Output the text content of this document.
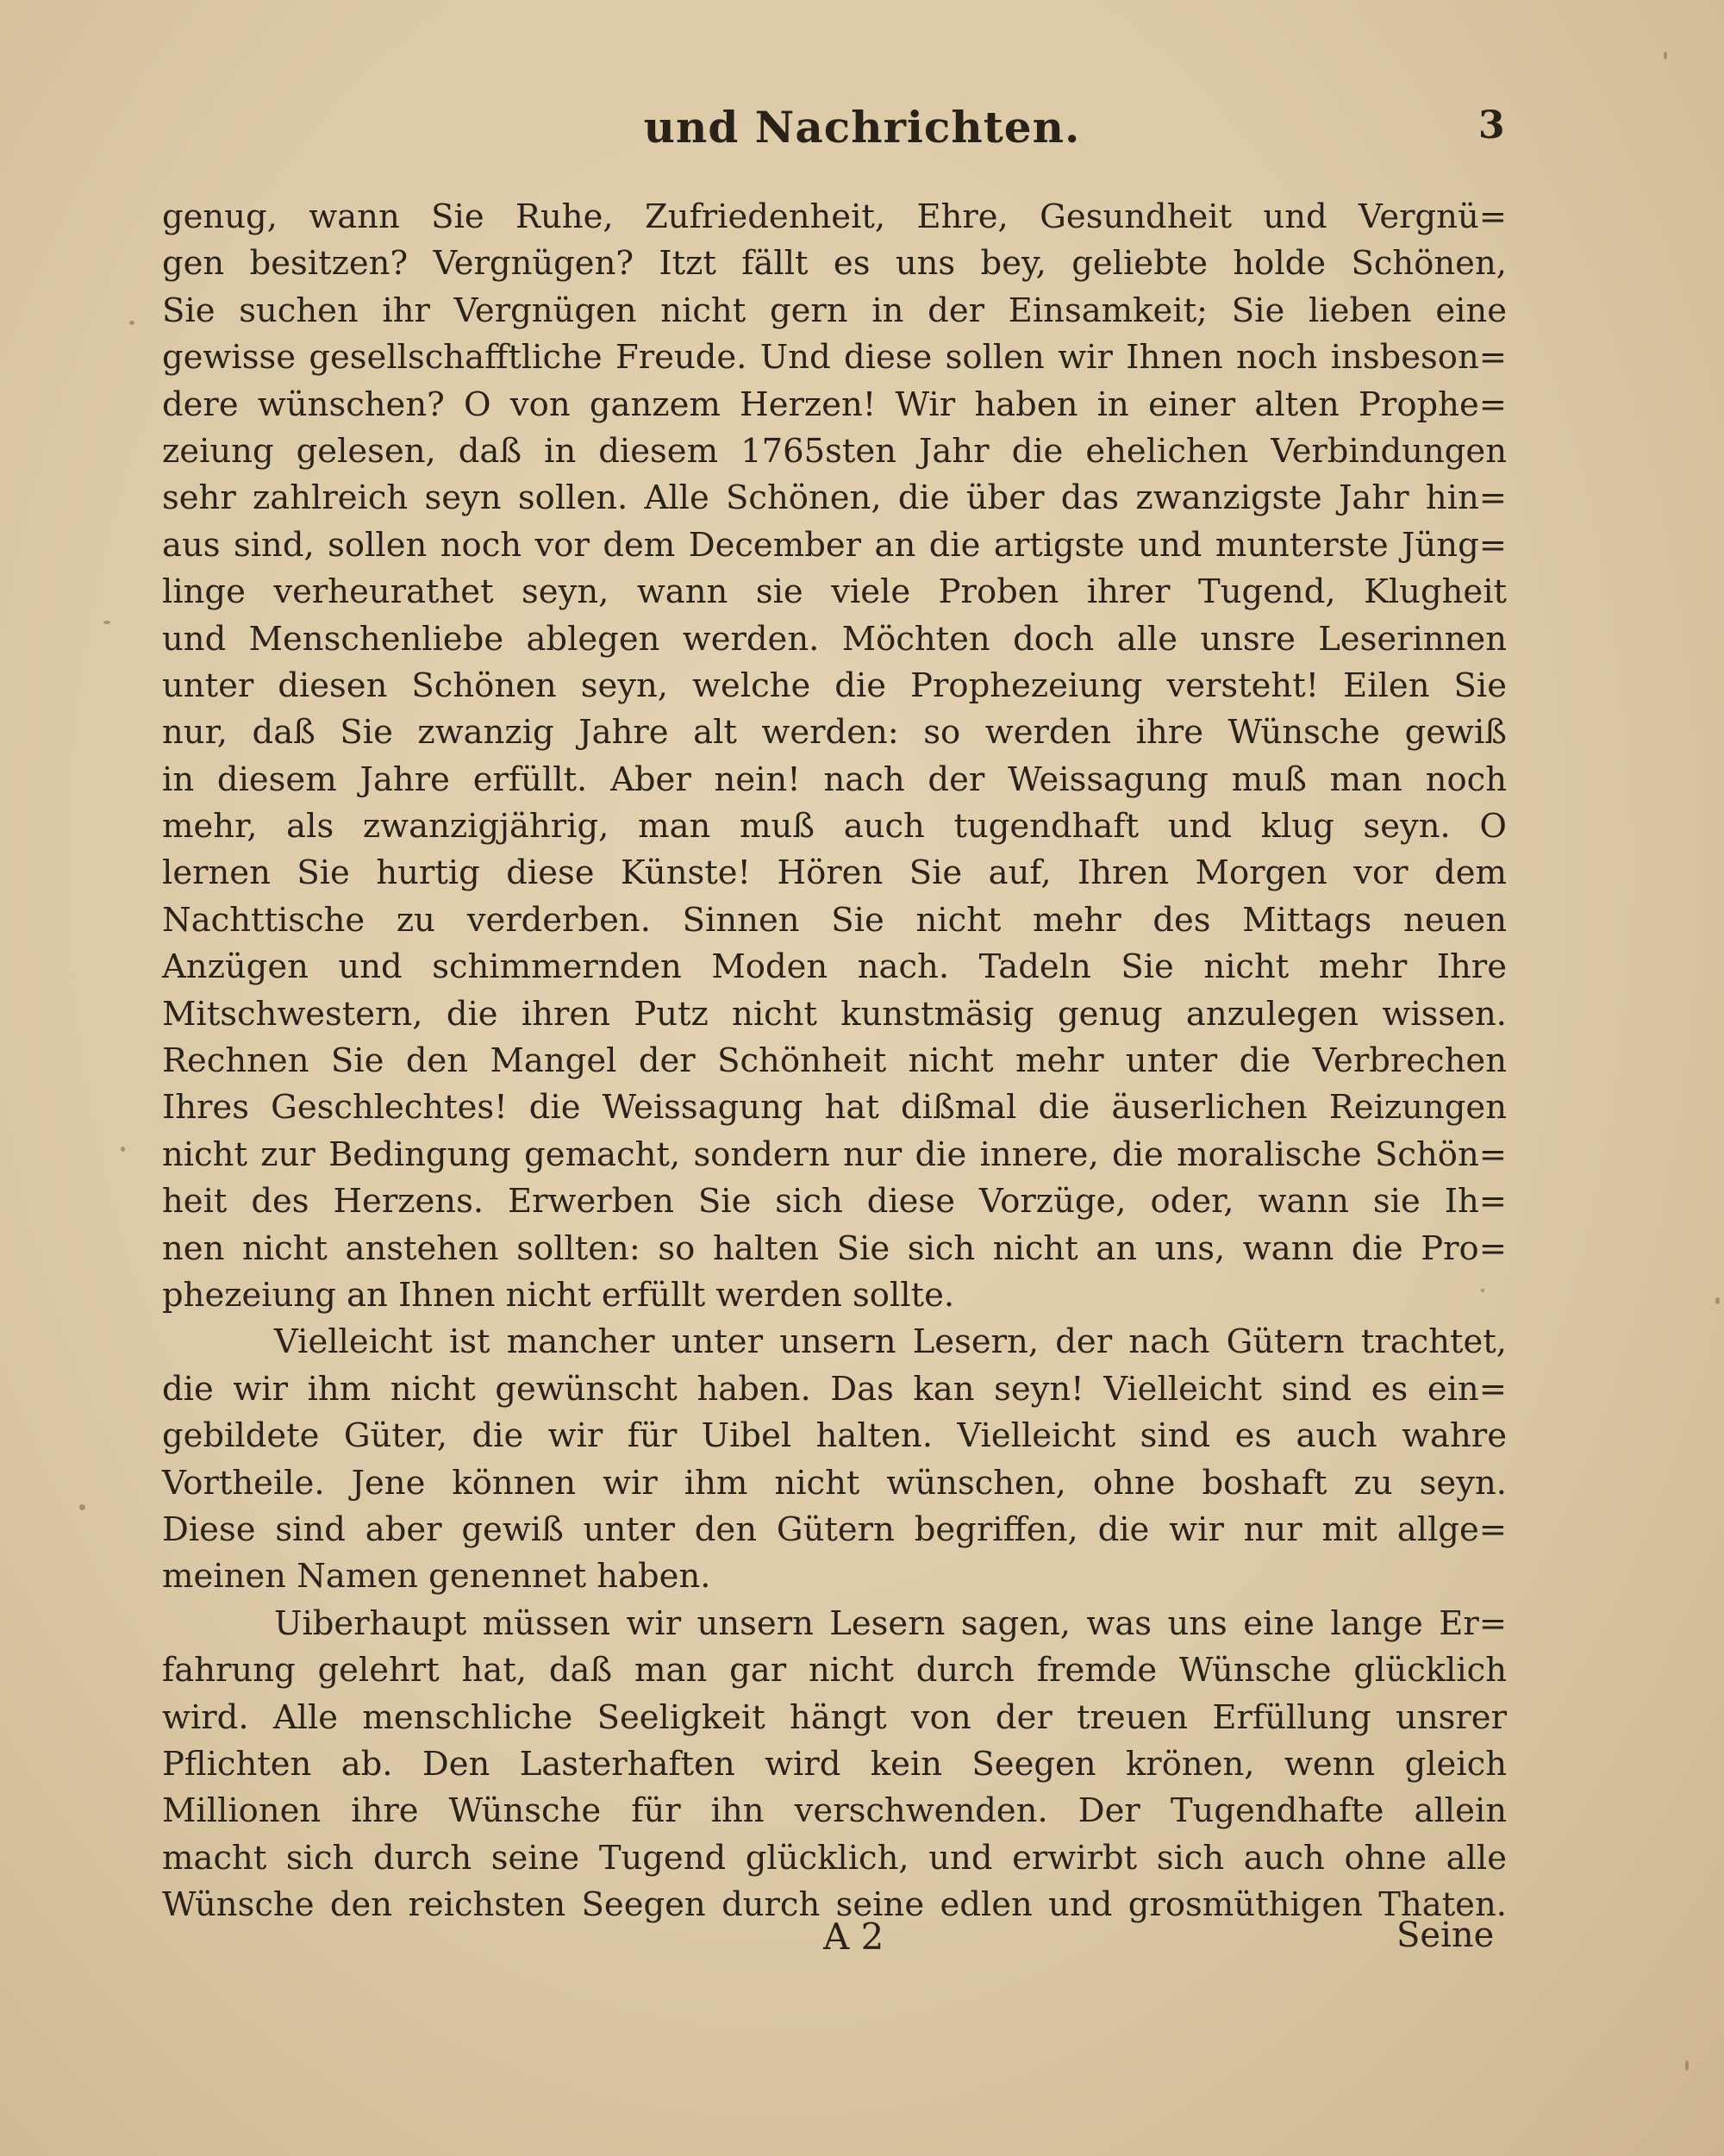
und Nachrichten.	3
genug, wann Sie Ruhe, Zufriedenheit, Ehre, Gesundheit und Vergnü=
gen besitzen? Vergnügen? Itzt fällt es uns bey, geliebte holde Schönen,
Sie suchen ihr Vergnügen nicht gern in der Einsamkeit; Sie lieben eine
gewisse gesellschafftliche Freude. Und diese sollen wir Ihnen noch insbeson=
dere wünschen? O von ganzem Herzen! Wir haben in einer alten Prophe=
zeiung gelesen, daß in diesem 1765sten Jahr die ehelichen Verbindungen
sehr zahlreich seyn sollen. Alle Schönen, die über das zwanzigste Jahr hin=
aus sind, sollen noch vor dem December an die artigste und munterste Jüng=
linge verheurathet seyn, wann sie viele Proben ihrer Tugend, Klugheit
und Menschenliebe ablegen werden. Möchten doch alle unsre Leserinnen
unter diesen Schönen seyn, welche die Prophezeiung versteht! Eilen Sie
nur, daß Sie zwanzig Jahre alt werden: so werden ihre Wünsche gewiß
in diesem Jahre erfüllt. Aber nein! nach der Weissagung muß man noch
mehr, als zwanzigjährig, man muß auch tugendhaft und klug seyn. O
lernen Sie hurtig diese Künste! Hören Sie auf, Ihren Morgen vor dem
Nachttische zu verderben. Sinnen Sie nicht mehr des Mittags neuen
Anzügen und schimmernden Moden nach. Tadeln Sie nicht mehr Ihre
Mitschwestern, die ihren Putz nicht kunstmäsig genug anzulegen wissen.
Rechnen Sie den Mangel der Schönheit nicht mehr unter die Verbrechen
Ihres Geschlechtes! die Weissagung hat dißmal die äuserlichen Reizungen
nicht zur Bedingung gemacht, sondern nur die innere, die moralische Schön=
heit des Herzens. Erwerben Sie sich diese Vorzüge, oder, wann sie Ih=
nen nicht anstehen sollten: so halten Sie sich nicht an uns, wann die Pro=
phezeiung an Ihnen nicht erfüllt werden sollte.
Vielleicht ist mancher unter unsern Lesern, der nach Gütern trachtet,
die wir ihm nicht gewünscht haben. Das kan seyn! Vielleicht sind es ein=
gebildete Güter, die wir für Uibel halten. Vielleicht sind es auch wahre
Vortheile. Jene können wir ihm nicht wünschen, ohne boshaft zu seyn.
Diese sind aber gewiß unter den Gütern begriffen, die wir nur mit allge=
meinen Namen genennet haben.
Uiberhaupt müssen wir unsern Lesern sagen, was uns eine lange Er=
fahrung gelehrt hat, daß man gar nicht durch fremde Wünsche glücklich
wird. Alle menschliche Seeligkeit hängt von der treuen Erfüllung unsrer
Pflichten ab. Den Lasterhaften wird kein Seegen krönen, wenn gleich
Millionen ihre Wünsche für ihn verschwenden. Der Tugendhafte allein
macht sich durch seine Tugend glücklich, und erwirbt sich auch ohne alle
Wünsche den reichsten Seegen durch seine edlen und grosmüthigen Thaten.
A 2	Seine
